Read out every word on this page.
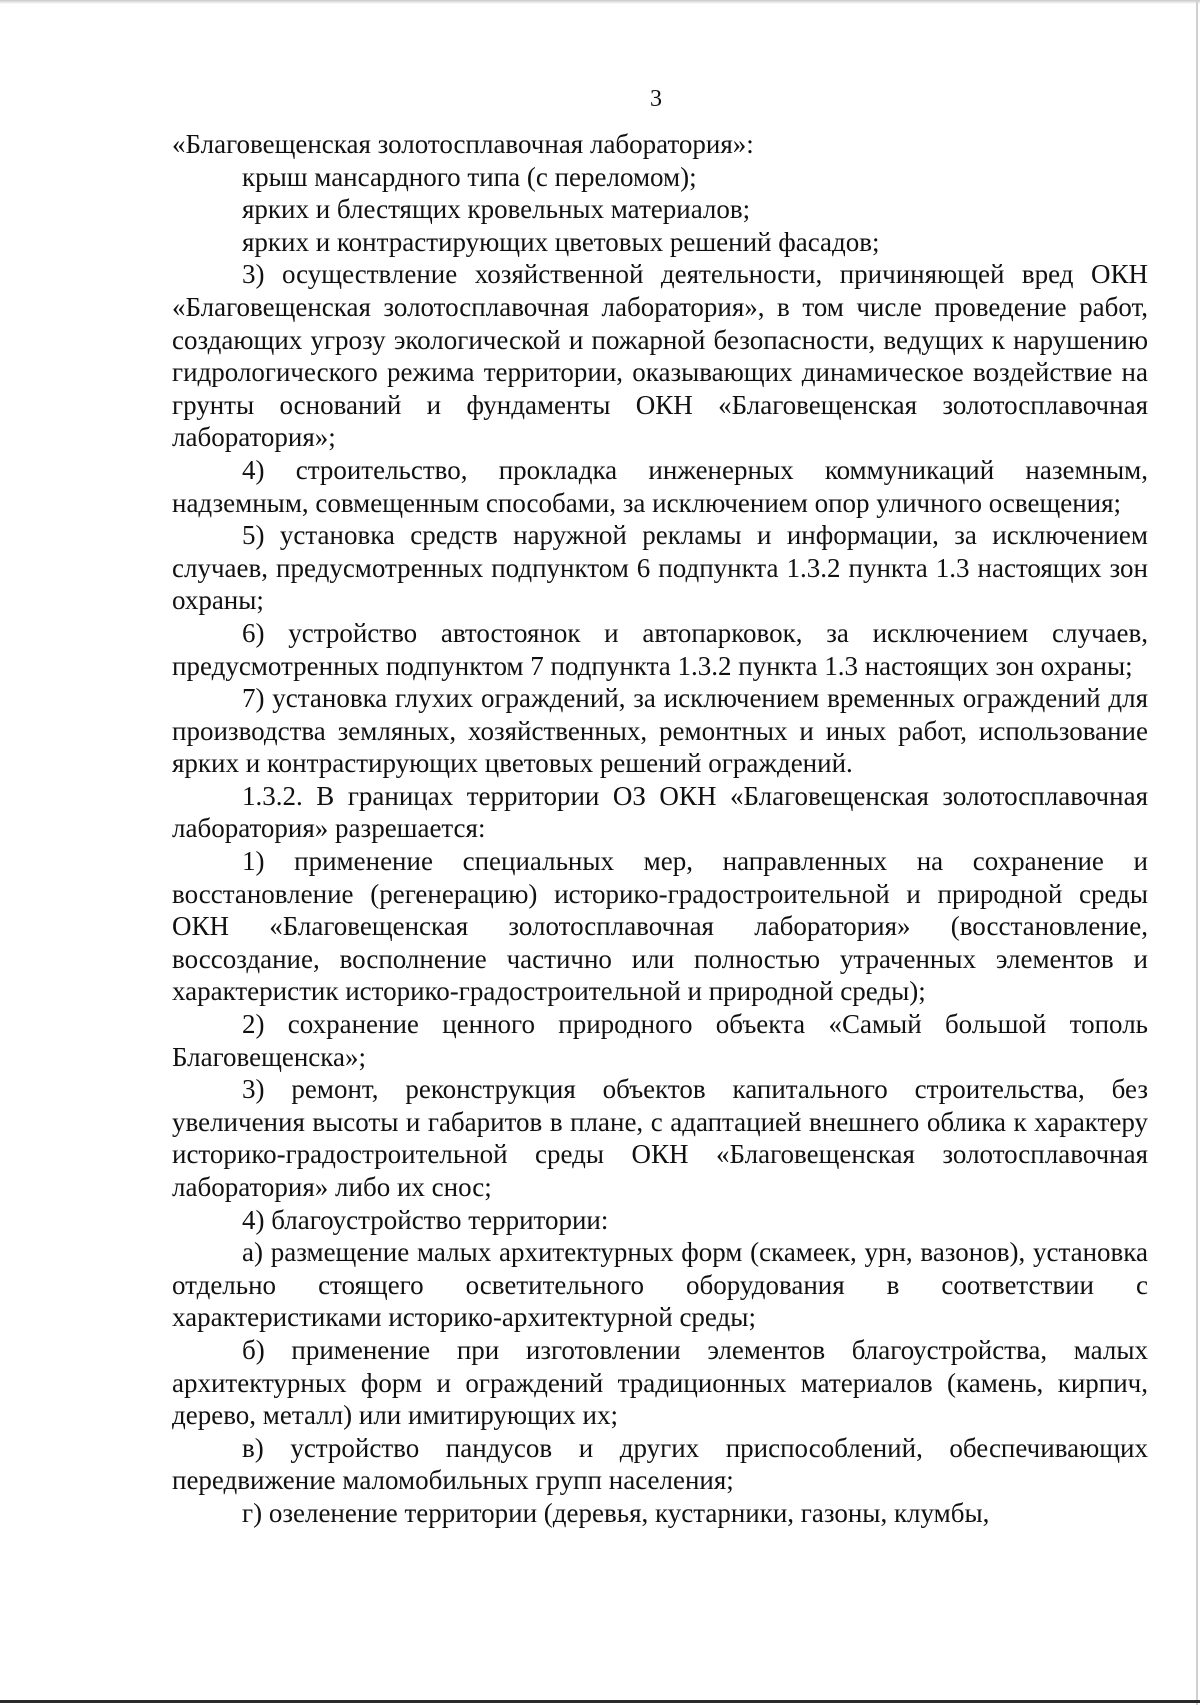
3

«Благовещенская золотосплавочная лаборатория»:

крыш мансардного типа (с переломом);

ярких и блестящих кровельных материалов;

ярких и контрастирующих цветовых решений фасадов;

3) осуществление хозяйственной деятельности, причиняющей вред ОКН «Благовещенская золотосплавочная лаборатория», в том числе проведение работ, создающих угрозу экологической и пожарной безопасности, ведущих к нарушению гидрологического режима территории, оказывающих динамическое воздействие на грунты оснований и фундаменты ОКН «Благовещенская золотосплавочная лаборатория»;

4) строительство, прокладка инженерных коммуникаций наземным, надземным, совмещенным способами, за исключением опор уличного освещения;

5) установка средств наружной рекламы и информации, за исключением случаев, предусмотренных подпунктом 6 подпункта 1.3.2 пункта 1.3 настоящих зон охраны;

6) устройство автостоянок и автопарковок, за исключением случаев, предусмотренных подпунктом 7 подпункта 1.3.2 пункта 1.3 настоящих зон охраны;

7) установка глухих ограждений, за исключением временных ограждений для производства земляных, хозяйственных, ремонтных и иных работ, использование ярких и контрастирующих цветовых решений ограждений.

1.3.2. В границах территории ОЗ ОКН «Благовещенская золотосплавочная лаборатория» разрешается:

1) применение специальных мер, направленных на сохранение и восстановление (регенерацию) историко-градостроительной и природной среды ОКН «Благовещенская золотосплавочная лаборатория» (восстановление, воссоздание, восполнение частично или полностью утраченных элементов и характеристик историко-градостроительной и природной среды);

2) сохранение ценного природного объекта «Самый большой тополь Благовещенска»;

3) ремонт, реконструкция объектов капитального строительства, без увеличения высоты и габаритов в плане, с адаптацией внешнего облика к характеру историко-градостроительной среды ОКН «Благовещенская золотосплавочная лаборатория» либо их снос;

4) благоустройство территории:

а) размещение малых архитектурных форм (скамеек, урн, вазонов), установка отдельно стоящего осветительного оборудования в соответствии с характеристиками историко-архитектурной среды;

б) применение при изготовлении элементов благоустройства, малых архитектурных форм и ограждений традиционных материалов (камень, кирпич, дерево, металл) или имитирующих их;

в) устройство пандусов и других приспособлений, обеспечивающих передвижение маломобильных групп населения;

г) озеленение территории (деревья, кустарники, газоны, клумбы,
